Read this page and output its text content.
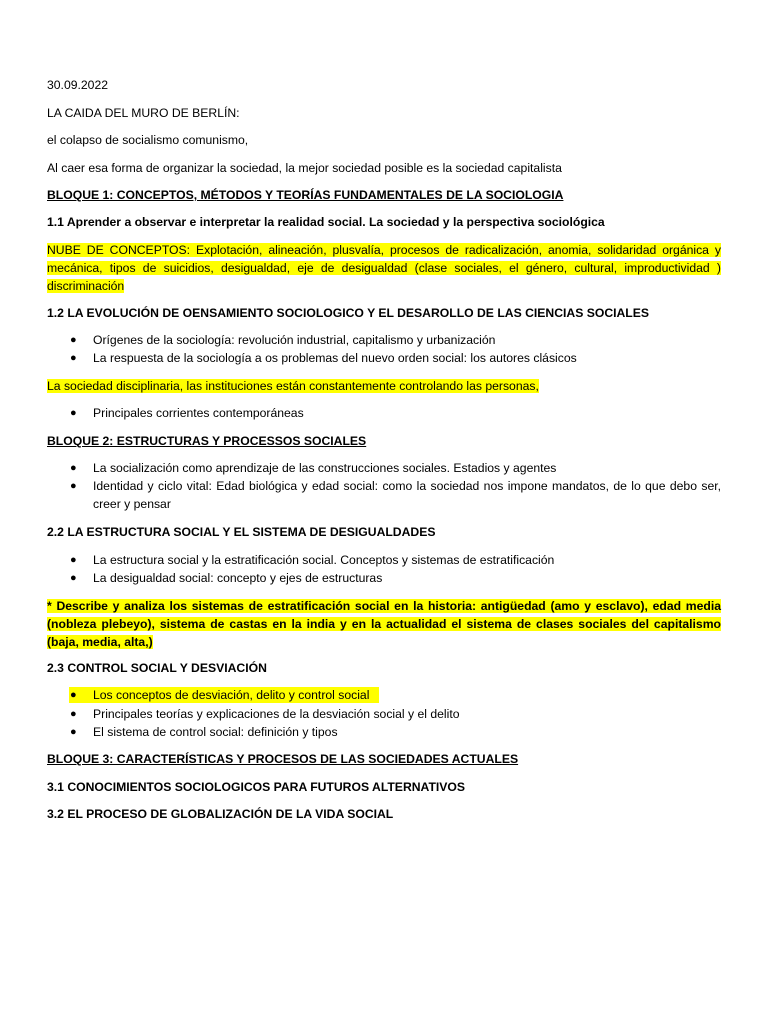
30.09.2022

LA CAIDA DEL MURO DE BERLÍN:

el colapso de socialismo comunismo,

Al caer esa forma de organizar la sociedad, la mejor sociedad posible es la sociedad capitalista

BLOQUE 1: CONCEPTOS, MÉTODOS Y TEORÍAS FUNDAMENTALES DE LA SOCIOLOGIA

1.1 Aprender a observar e interpretar la realidad social. La sociedad y la perspectiva sociológica

NUBE DE CONCEPTOS: Explotación, alineación, plusvalía, procesos de radicalización, anomia, solidaridad orgánica y mecánica, tipos de suicidios, desigualdad, eje de desigualdad (clase sociales, el género, cultural, improductividad ) discriminación

1.2 LA EVOLUCIÓN DE OENSAMIENTO SOCIOLOGICO Y EL DESAROLLO DE LAS CIENCIAS SOCIALES

● Orígenes de la sociología: revolución industrial, capitalismo y urbanización
● La respuesta de la sociología a os problemas del nuevo orden social: los autores clásicos

La sociedad disciplinaria, las instituciones están constantemente controlando las personas,

● Principales corrientes contemporáneas

BLOQUE 2: ESTRUCTURAS Y PROCESSOS SOCIALES

● La socialización como aprendizaje de las construcciones sociales. Estadios y agentes
● Identidad y ciclo vital: Edad biológica y edad social: como la sociedad nos impone mandatos, de lo que debo ser, creer y pensar

2.2 LA ESTRUCTURA SOCIAL Y EL SISTEMA DE DESIGUALDADES

● La estructura social y la estratificación social. Conceptos y sistemas de estratificación
● La desigualdad social: concepto y ejes de estructuras

* Describe y analiza los sistemas de estratificación social en la historia: antigüedad (amo y esclavo), edad media (nobleza plebeyo), sistema de castas en la india y en la actualidad el sistema de clases sociales del capitalismo (baja, media, alta,)

2.3 CONTROL SOCIAL Y DESVIACIÓN

● Los conceptos de desviación, delito y control social
● Principales teorías y explicaciones de la desviación social y el delito
● El sistema de control social: definición y tipos

BLOQUE 3: CARACTERÍSTICAS Y PROCESOS DE LAS SOCIEDADES ACTUALES

3.1 CONOCIMIENTOS SOCIOLOGICOS PARA FUTUROS ALTERNATIVOS

3.2 EL PROCESO DE GLOBALIZACIÓN DE LA VIDA SOCIAL
